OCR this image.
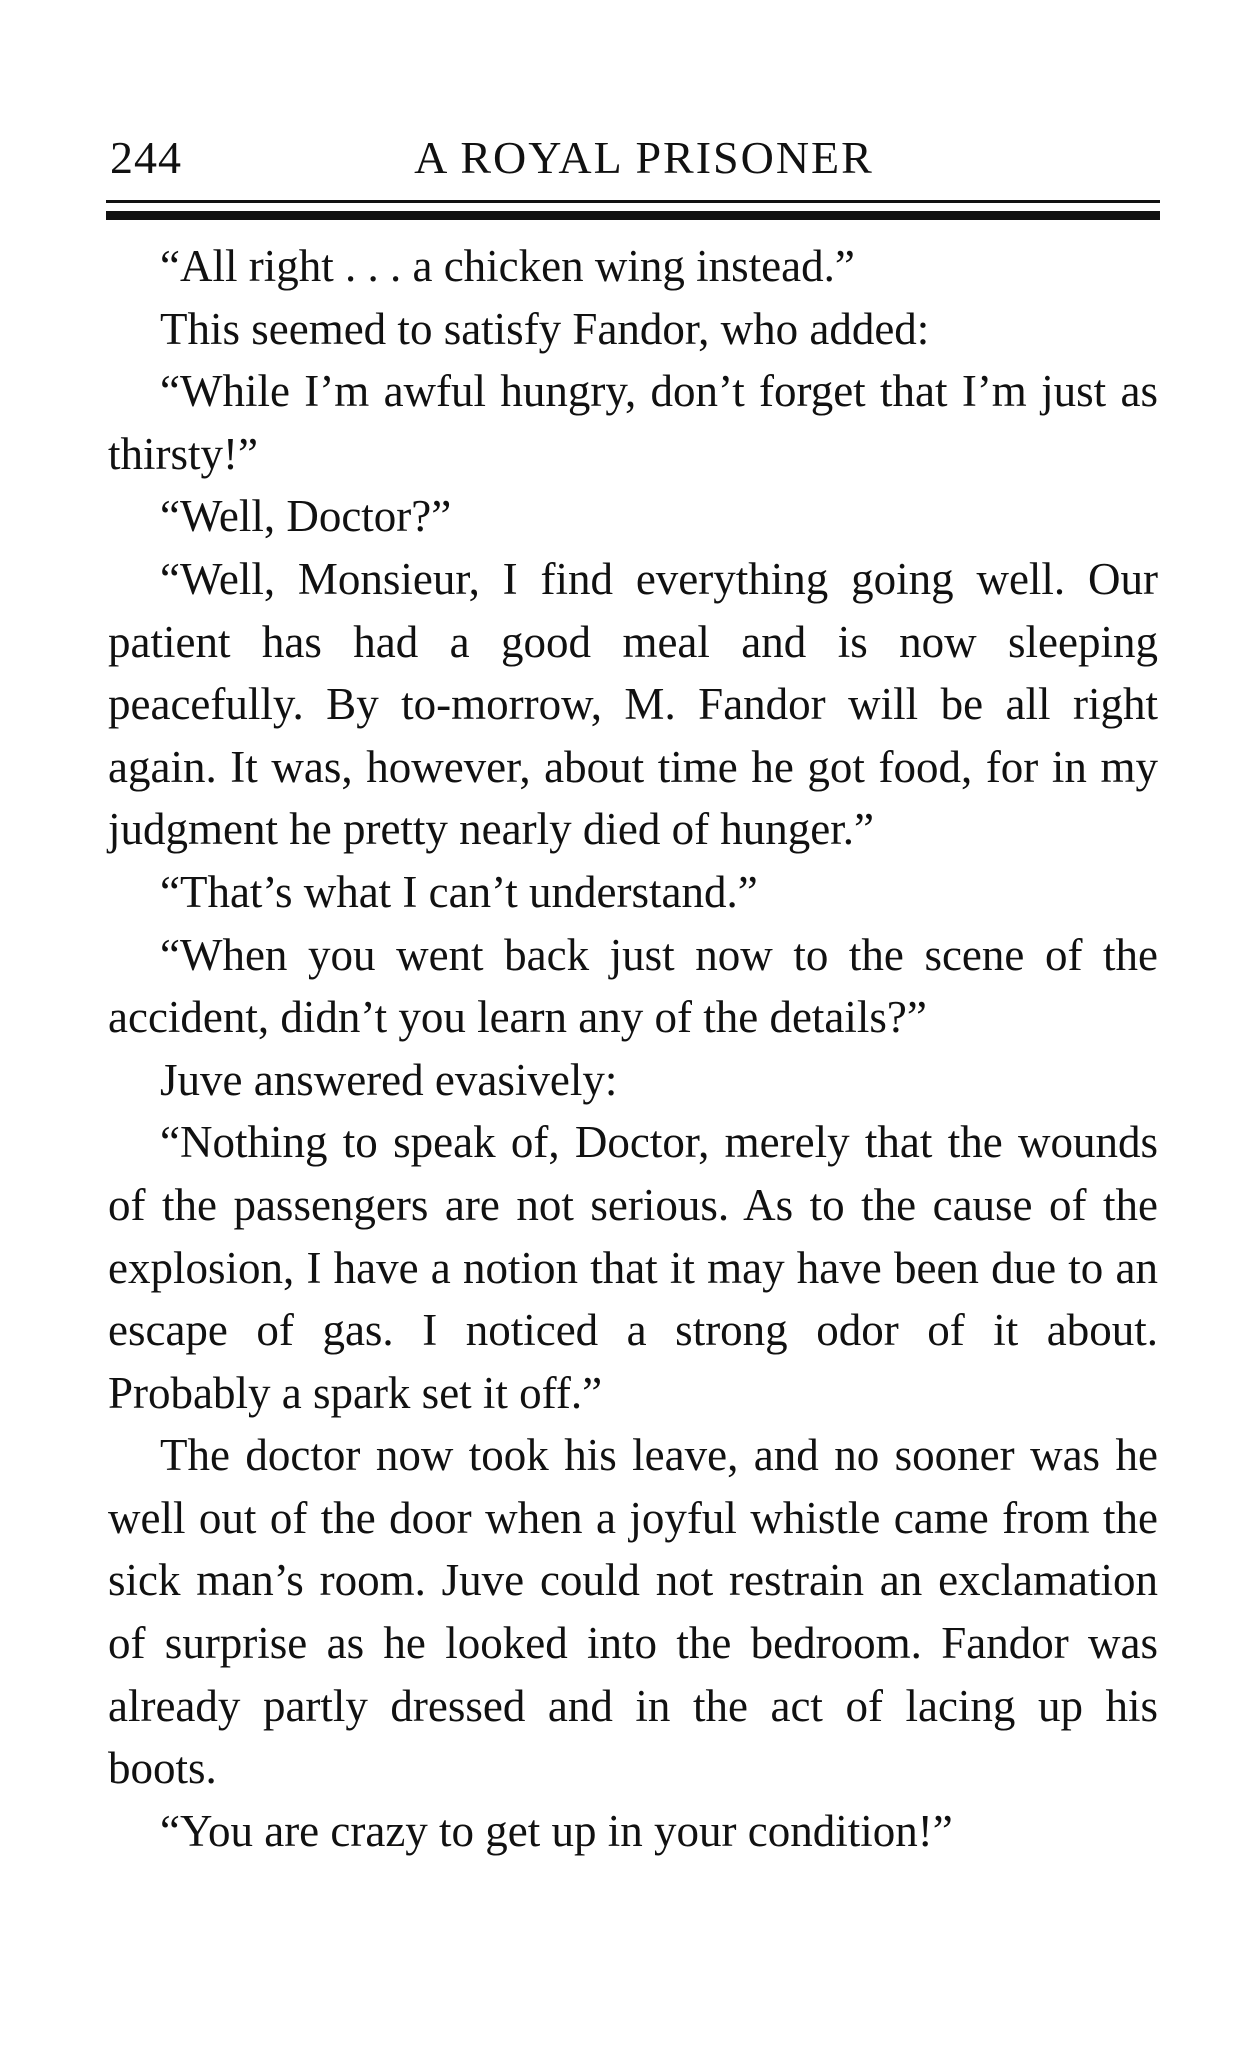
244	A ROYAL PRISONER

“All right . . . a chicken wing instead.”

This seemed to satisfy Fandor, who added:

“While I’m awful hungry, don’t forget that I’m just as thirsty!”

“Well, Doctor?”

“Well, Monsieur, I find everything going well. Our patient has had a good meal and is now sleeping peacefully. By to-morrow, M. Fandor will be all right again. It was, however, about time he got food, for in my judgment he pretty nearly died of hunger.”

“That’s what I can’t understand.”

“When you went back just now to the scene of the accident, didn’t you learn any of the details?”

Juve answered evasively:

“Nothing to speak of, Doctor, merely that the wounds of the passengers are not serious. As to the cause of the explosion, I have a notion that it may have been due to an escape of gas. I noticed a strong odor of it about. Probably a spark set it off.”

The doctor now took his leave, and no sooner was he well out of the door when a joyful whistle came from the sick man’s room. Juve could not restrain an exclamation of surprise as he looked into the bedroom. Fandor was already partly dressed and in the act of lacing up his boots.

“You are crazy to get up in your condition!”
